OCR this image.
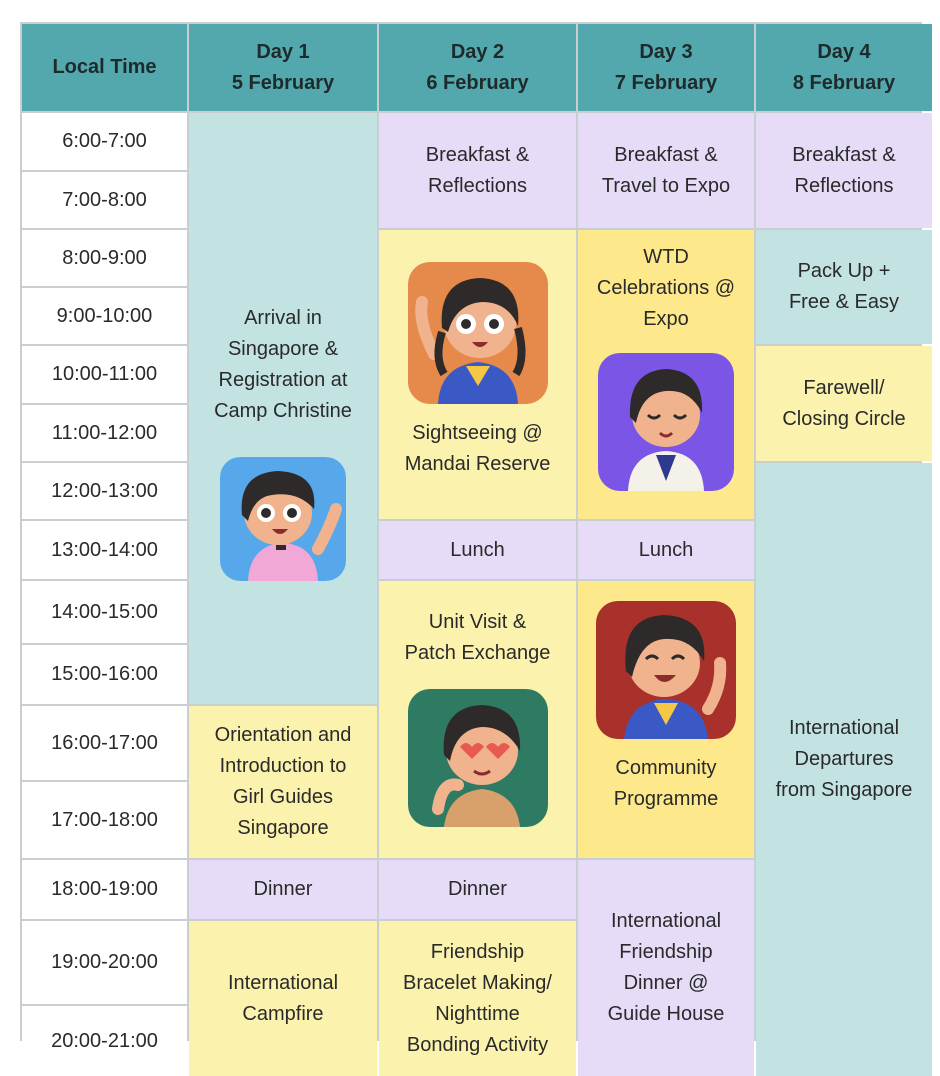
Local Time
Day 1
5 February
Day 2
6 February
Day 3
7 February
Day 4
8 February
6:00-7:00
7:00-8:00
8:00-9:00
9:00-10:00
10:00-11:00
11:00-12:00
12:00-13:00
13:00-14:00
14:00-15:00
15:00-16:00
16:00-17:00
17:00-18:00
18:00-19:00
19:00-20:00
20:00-21:00
Arrival in
Singapore &
Registration at
Camp Christine
Orientation and
Introduction to
Girl Guides
Singapore
Dinner
International
Campfire
Breakfast &
Reflections
Sightseeing @
Mandai Reserve
Lunch
Unit Visit &
Patch Exchange
Dinner
Friendship
Bracelet Making/
Nighttime
Bonding Activity
Breakfast &
Travel to Expo
WTD
Celebrations @
Expo
Lunch
Community
Programme
International
Friendship
Dinner @
Guide House
Breakfast &
Reflections
Pack Up +
Free & Easy
Farewell/
Closing Circle
International
Departures
from Singapore
